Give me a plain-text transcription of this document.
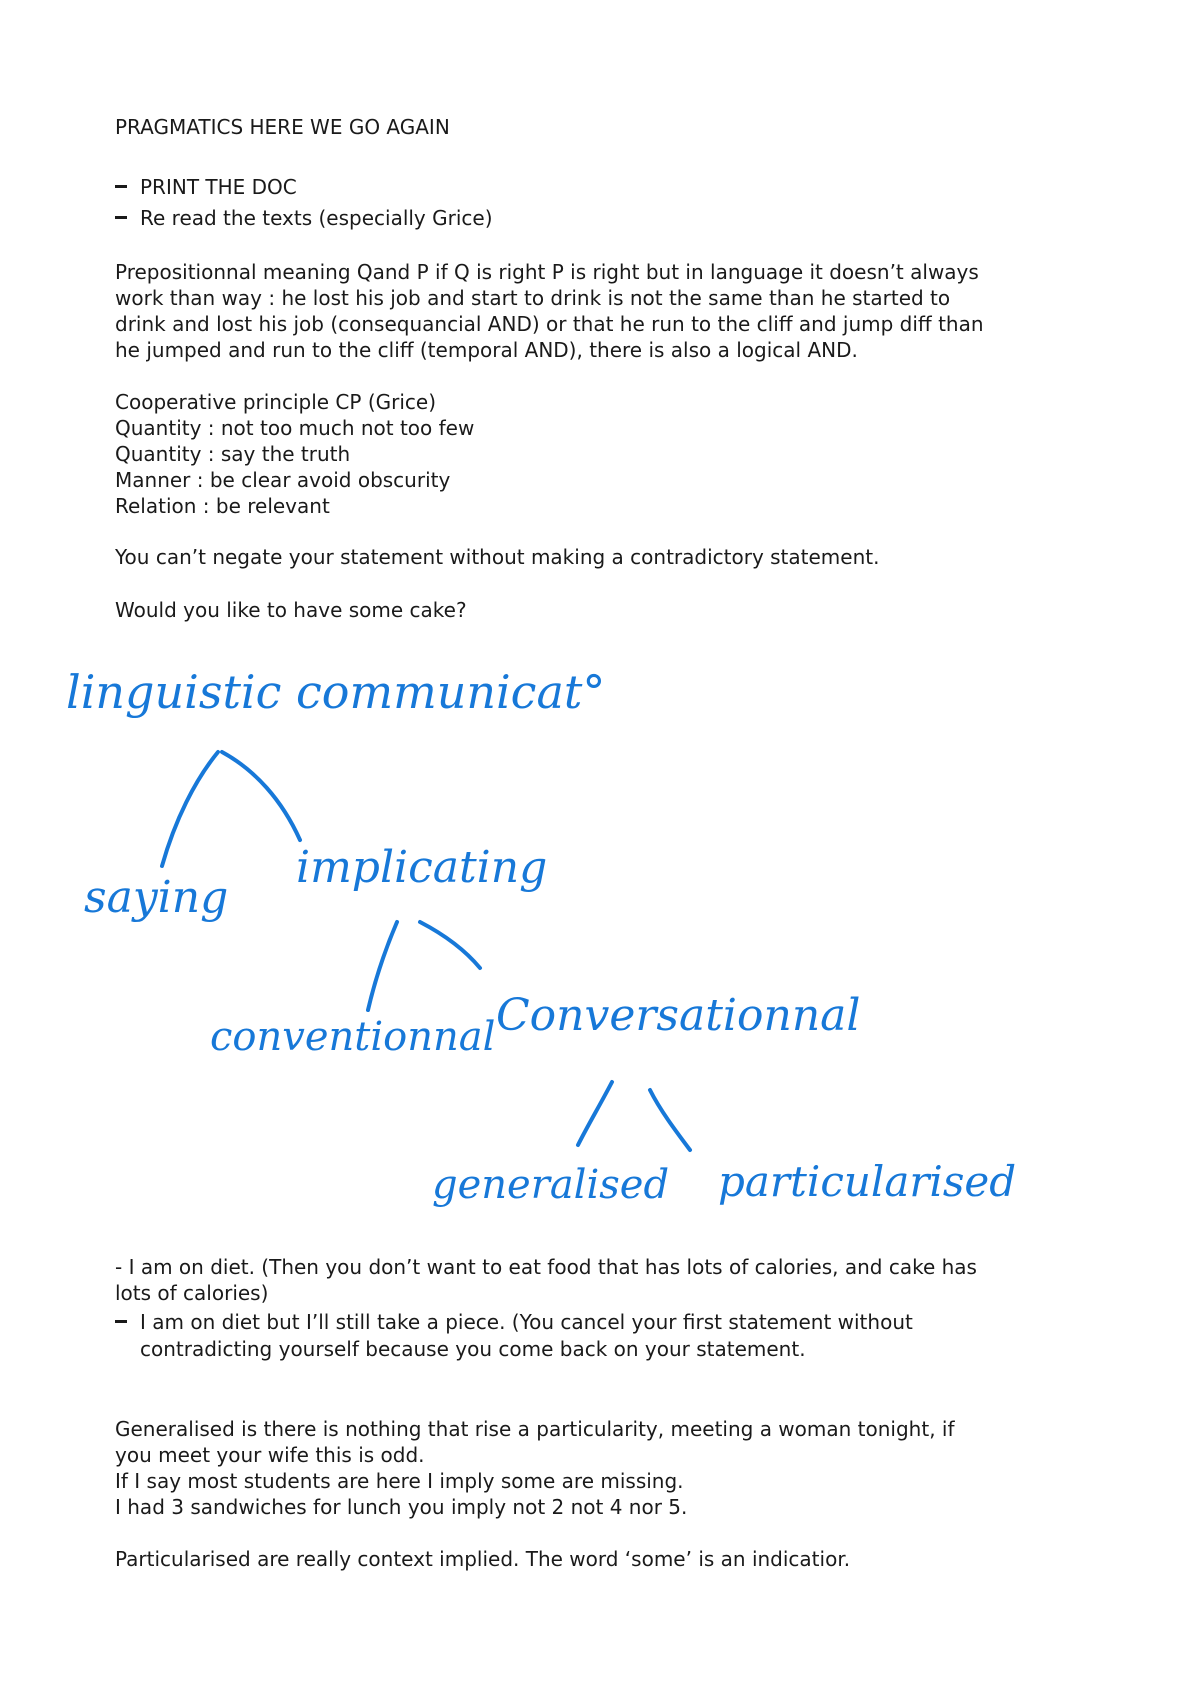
PRAGMATICS HERE WE GO AGAIN
PRINT THE DOC
Re read the texts (especially Grice)
Prepositionnal meaning Qand P if Q is right P is right but in language it doesn’t always
work than way : he lost his job and start to drink is not the same than he started to
drink and lost his job (consequancial AND) or that he run to the cliff and jump diff than
he jumped and run to the cliff (temporal AND), there is also a logical AND.
Cooperative principle CP (Grice)
Quantity : not too much not too few
Quantity : say the truth
Manner : be clear avoid obscurity
Relation : be relevant
You can’t negate your statement without making a contradictory statement.
Would you like to have some cake?
linguistic communicat°
saying
implicating
conventionnal Conversationnal
generalised particularised
- I am on diet. (Then you don’t want to eat food that has lots of calories, and cake has
lots of calories)
I am on diet but I’ll still take a piece. (You cancel your first statement without
contradicting yourself because you come back on your statement.
Generalised is there is nothing that rise a particularity, meeting a woman tonight, if
you meet your wife this is odd.
If I say most students are here I imply some are missing.
I had 3 sandwiches for lunch you imply not 2 not 4 nor 5.
Particularised are really context implied. The word ‘some’ is an indicatior.
